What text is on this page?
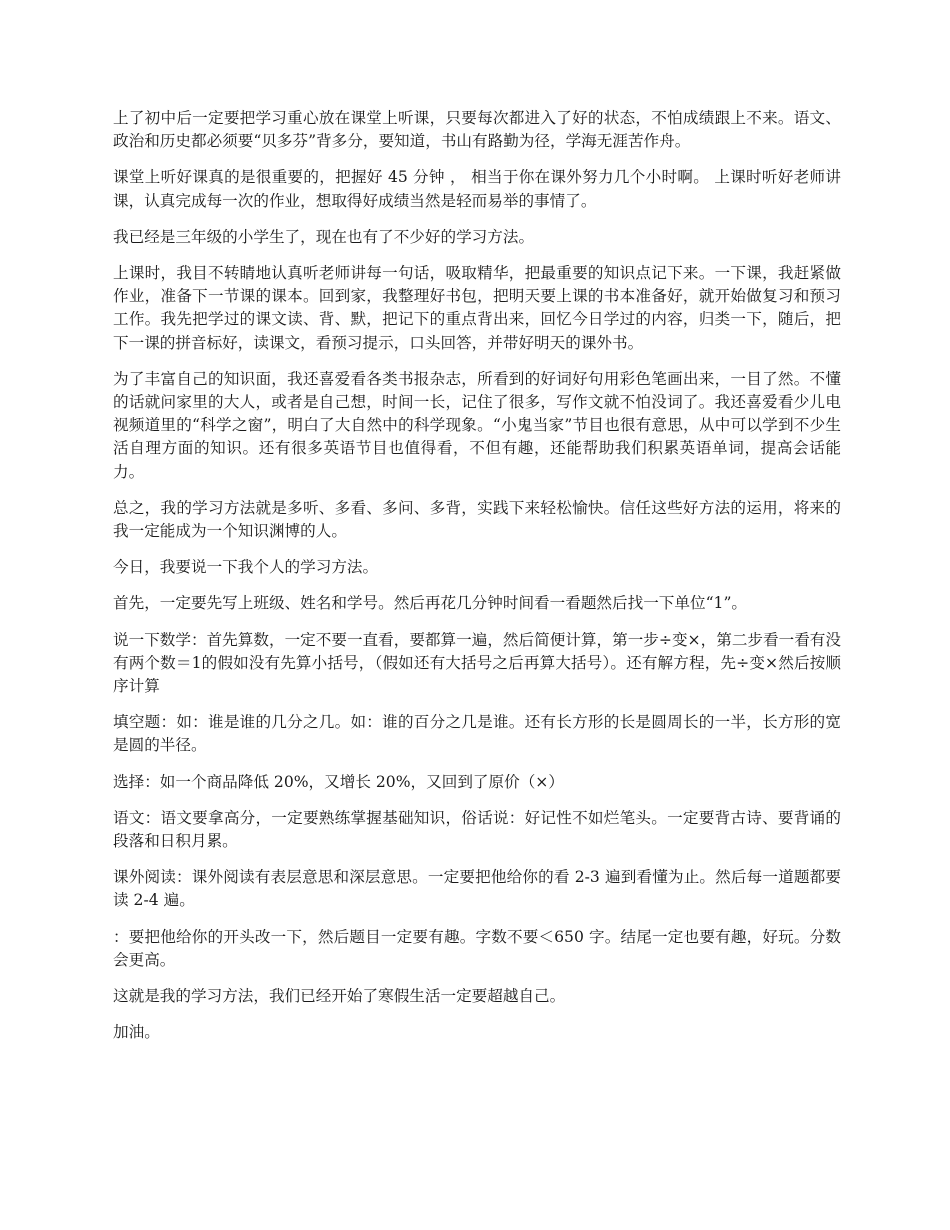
上了初中后一定要把学习重心放在课堂上听课，只要每次都进入了好的状态，不怕成绩跟上不来。语文、政治和历史都必须要“贝多芬”背多分，要知道，书山有路勤为径，学海无涯苦作舟。

课堂上听好课真的是很重要的，把握好 45 分钟 ， 相当于你在课外努力几个小时啊。 上课时听好老师讲课，认真完成每一次的作业，想取得好成绩当然是轻而易举的事情了。

我已经是三年级的小学生了，现在也有了不少好的学习方法。

上课时，我目不转睛地认真听老师讲每一句话，吸取精华，把最重要的知识点记下来。一下课，我赶紧做作业，准备下一节课的课本。回到家，我整理好书包，把明天要上课的书本准备好，就开始做复习和预习工作。我先把学过的课文读、背、默，把记下的重点背出来，回忆今日学过的内容，归类一下，随后，把下一课的拼音标好，读课文，看预习提示，口头回答，并带好明天的课外书。

为了丰富自己的知识面，我还喜爱看各类书报杂志，所看到的好词好句用彩色笔画出来，一目了然。不懂的话就问家里的大人，或者是自己想，时间一长，记住了很多，写作文就不怕没词了。我还喜爱看少儿电视频道里的“科学之窗”，明白了大自然中的科学现象。“小鬼当家”节目也很有意思，从中可以学到不少生活自理方面的知识。还有很多英语节目也值得看，不但有趣，还能帮助我们积累英语单词，提高会话能力。

总之，我的学习方法就是多听、多看、多问、多背，实践下来轻松愉快。信任这些好方法的运用，将来的我一定能成为一个知识渊博的人。

今日，我要说一下我个人的学习方法。

首先，一定要先写上班级、姓名和学号。然后再花几分钟时间看一看题然后找一下单位“1”。

说一下数学：首先算数，一定不要一直看，要都算一遍，然后简便计算，第一步÷变×，第二步看一看有没有两个数＝1的假如没有先算小括号，（假如还有大括号之后再算大括号）。还有解方程，先÷变×然后按顺序计算

填空题：如：谁是谁的几分之几。如：谁的百分之几是谁。还有长方形的长是圆周长的一半，长方形的宽是圆的半径。

选择：如一个商品降低 20%，又增长 20%，又回到了原价（×）

语文：语文要拿高分，一定要熟练掌握基础知识，俗话说：好记性不如烂笔头。一定要背古诗、要背诵的段落和日积月累。

课外阅读：课外阅读有表层意思和深层意思。一定要把他给你的看 2-3 遍到看懂为止。然后每一道题都要读 2-4 遍。

：要把他给你的开头改一下，然后题目一定要有趣。字数不要＜650 字。结尾一定也要有趣，好玩。分数会更高。

这就是我的学习方法，我们已经开始了寒假生活一定要超越自己。

加油。
